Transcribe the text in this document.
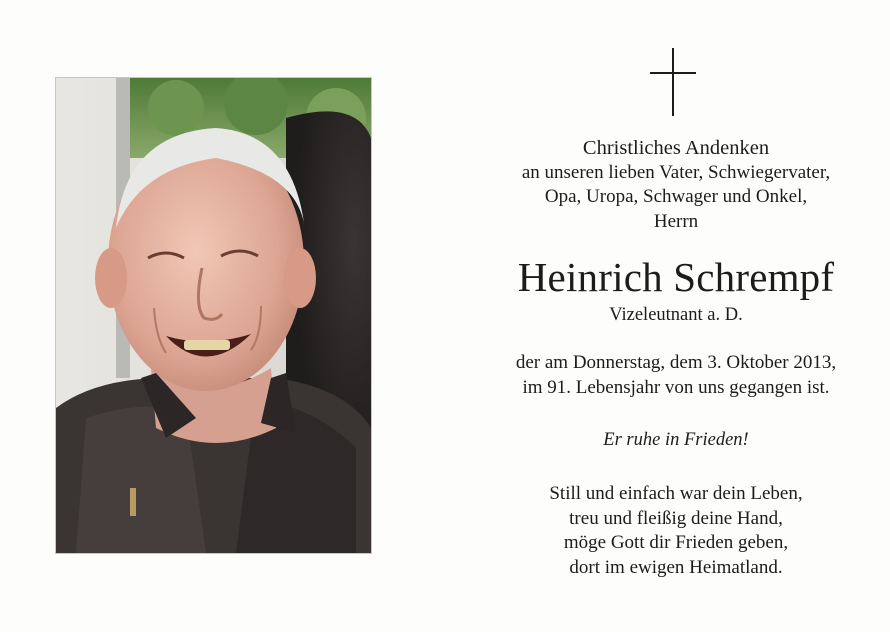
Christliches Andenken
an unseren lieben Vater, Schwiegervater,
Opa, Uropa, Schwager und Onkel,
Herrn
Heinrich Schrempf
Vizeleutnant a. D.
der am Donnerstag, dem 3. Oktober 2013,
im 91. Lebensjahr von uns gegangen ist.
Er ruhe in Frieden!
Still und einfach war dein Leben,
treu und fleißig deine Hand,
möge Gott dir Frieden geben,
dort im ewigen Heimatland.
